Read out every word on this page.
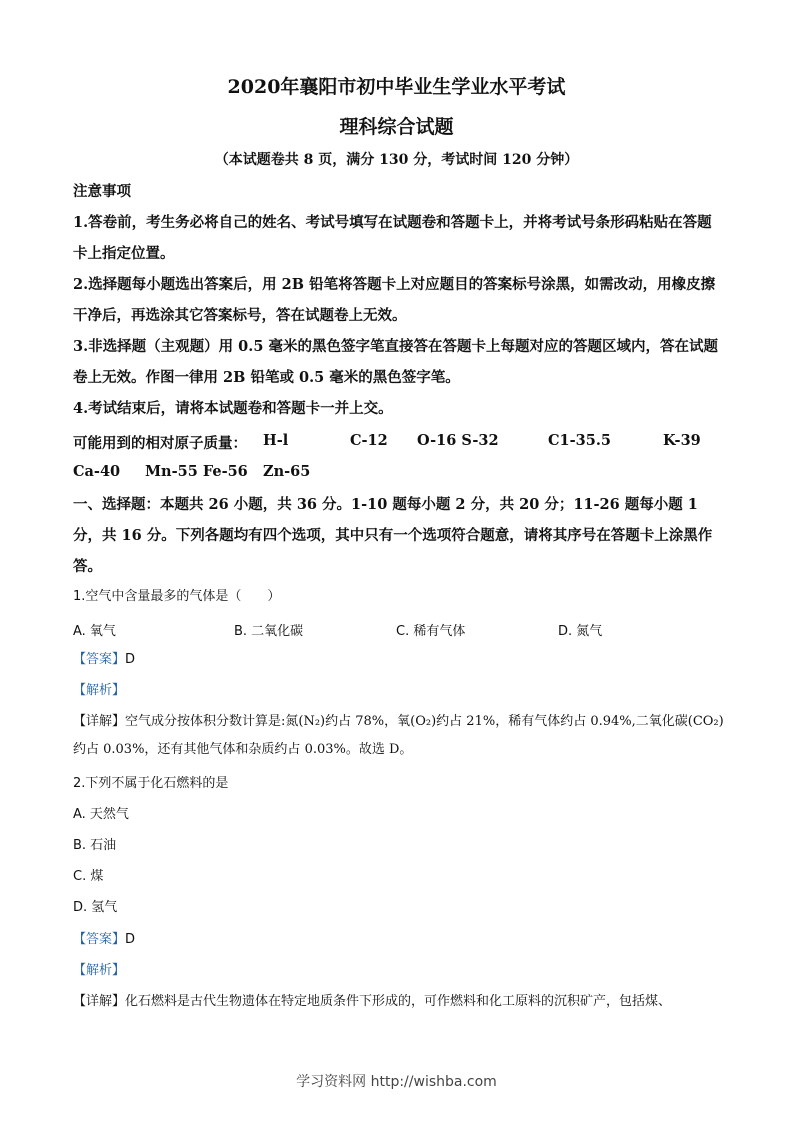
2020年襄阳市初中毕业生学业水平考试
理科综合试题
（本试题卷共 8 页，满分 130 分，考试时间 120 分钟）
注意事项
1.答卷前，考生务必将自己的姓名、考试号填写在试题卷和答题卡上，并将考试号条形码粘贴在答题卡上指定位置。
2.选择题每小题选出答案后，用 2B 铅笔将答题卡上对应题目的答案标号涂黑，如需改动，用橡皮擦干净后，再选涂其它答案标号，答在试题卷上无效。
3.非选择题（主观题）用 0.5 毫米的黑色签字笔直接答在答题卡上每题对应的答题区域内，答在试题卷上无效。作图一律用 2B 铅笔或 0.5 毫米的黑色签字笔。
4.考试结束后，请将本试题卷和答题卡一并上交。
可能用到的相对原子质量： H-l	C-12 O-16 S-32	C1-35.5	K-39
Ca-40 Mn-55 Fe-56 Zn-65
一、选择题：本题共 26 小题，共 36 分。1-10 题每小题 2 分，共 20 分；11-26 题每小题 1 分，共 16 分。下列各题均有四个选项，其中只有一个选项符合题意，请将其序号在答题卡上涂黑作答。
1.空气中含量最多的气体是（　　）
A. 氧气	B. 二氧化碳	C. 稀有气体	D. 氮气
【答案】D
【解析】
【详解】空气成分按体积分数计算是:氮(N₂)约占 78%，氧(O₂)约占 21%，稀有气体约占 0.94%,二氧化碳(CO₂)约占 0.03%，还有其他气体和杂质约占 0.03%。故选 D。
2.下列不属于化石燃料的是
A. 天然气
B. 石油
C. 煤
D. 氢气
【答案】D
【解析】
【详解】化石燃料是古代生物遗体在特定地质条件下形成的，可作燃料和化工原料的沉积矿产，包括煤、
学习资料网 http://wishba.com
